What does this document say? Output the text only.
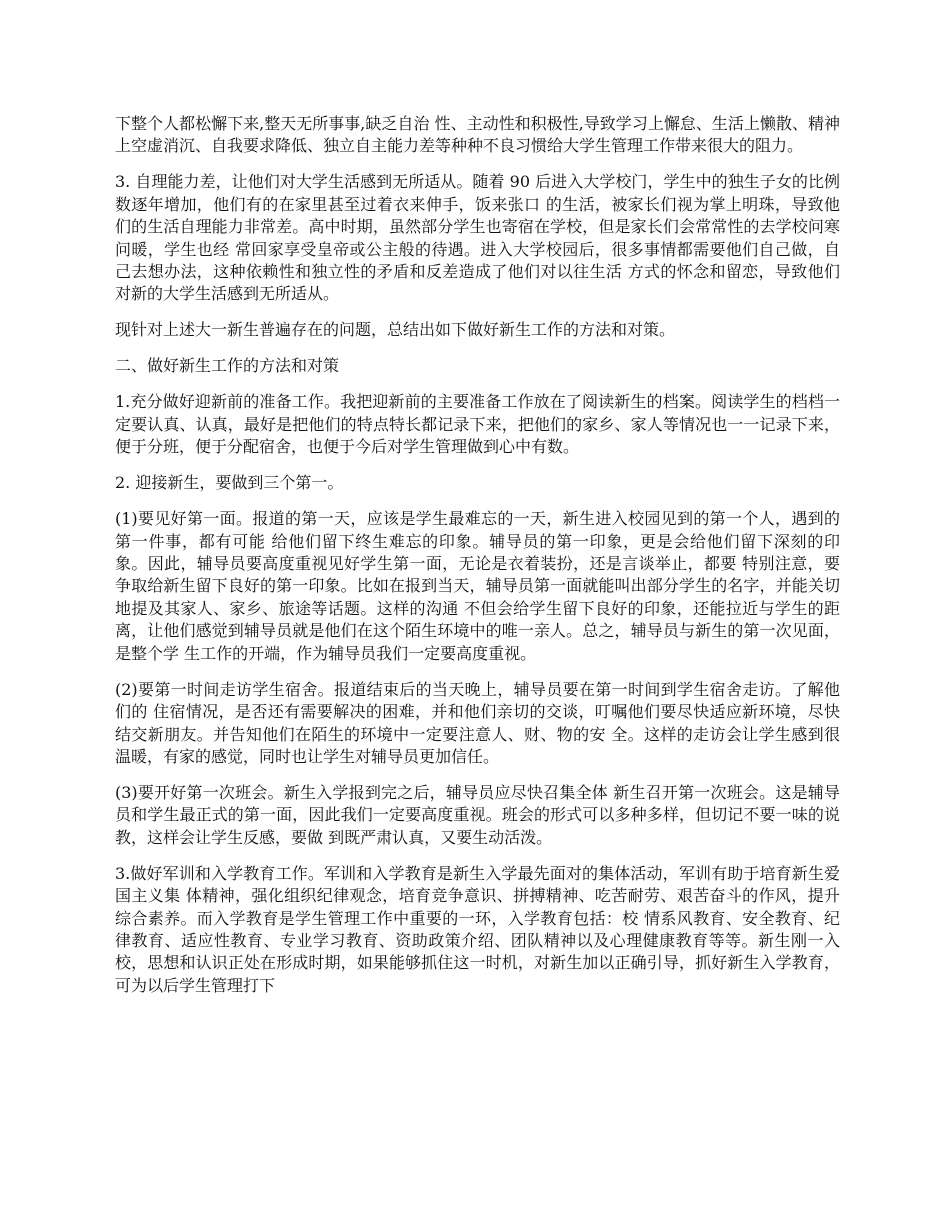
下整个人都松懈下来,整天无所事事,缺乏自治 性、主动性和积极性,导致学习上懈怠、生活上懒散、精神上空虚消沉、自我要求降低、独立自主能力差等种种不良习惯给大学生管理工作带来很大的阻力。

3. 自理能力差，让他们对大学生活感到无所适从。随着 90 后进入大学校门，学生中的独生子女的比例数逐年增加，他们有的在家里甚至过着衣来伸手，饭来张口 的生活，被家长们视为掌上明珠，导致他们的生活自理能力非常差。高中时期，虽然部分学生也寄宿在学校，但是家长们会常常性的去学校问寒问暖，学生也经 常回家享受皇帝或公主般的待遇。进入大学校园后，很多事情都需要他们自己做，自己去想办法，这种依赖性和独立性的矛盾和反差造成了他们对以往生活 方式的怀念和留恋，导致他们对新的大学生活感到无所适从。

现针对上述大一新生普遍存在的问题，总结出如下做好新生工作的方法和对策。

二、做好新生工作的方法和对策

1.充分做好迎新前的准备工作。我把迎新前的主要准备工作放在了阅读新生的档案。阅读学生的档档一定要认真、认真，最好是把他们的特点特长都记录下来，把他们的家乡、家人等情况也一一记录下来，便于分班，便于分配宿舍，也便于今后对学生管理做到心中有数。

2. 迎接新生，要做到三个第一。

(1)要见好第一面。报道的第一天，应该是学生最难忘的一天，新生进入校园见到的第一个人，遇到的第一件事，都有可能 给他们留下终生难忘的印象。辅导员的第一印象，更是会给他们留下深刻的印象。因此，辅导员要高度重视见好学生第一面，无论是衣着装扮，还是言谈举止，都要 特别注意，要争取给新生留下良好的第一印象。比如在报到当天，辅导员第一面就能叫出部分学生的名字，并能关切地提及其家人、家乡、旅途等话题。这样的沟通 不但会给学生留下良好的印象，还能拉近与学生的距离，让他们感觉到辅导员就是他们在这个陌生环境中的唯一亲人。总之，辅导员与新生的第一次见面，是整个学 生工作的开端，作为辅导员我们一定要高度重视。

(2)要第一时间走访学生宿舍。报道结束后的当天晚上，辅导员要在第一时间到学生宿舍走访。了解他们的 住宿情况，是否还有需要解决的困难，并和他们亲切的交谈，叮嘱他们要尽快适应新环境，尽快结交新朋友。并告知他们在陌生的环境中一定要注意人、财、物的安 全。这样的走访会让学生感到很温暖，有家的感觉，同时也让学生对辅导员更加信任。

(3)要开好第一次班会。新生入学报到完之后，辅导员应尽快召集全体 新生召开第一次班会。这是辅导员和学生最正式的第一面，因此我们一定要高度重视。班会的形式可以多种多样，但切记不要一味的说教，这样会让学生反感，要做 到既严肃认真，又要生动活泼。

3.做好军训和入学教育工作。军训和入学教育是新生入学最先面对的集体活动，军训有助于培育新生爱国主义集 体精神，强化组织纪律观念，培育竞争意识、拼搏精神、吃苦耐劳、艰苦奋斗的作风，提升综合素养。而入学教育是学生管理工作中重要的一环，入学教育包括：校 情系风教育、安全教育、纪律教育、适应性教育、专业学习教育、资助政策介绍、团队精神以及心理健康教育等等。新生刚一入校，思想和认识正处在形成时期，如果能够抓住这一时机，对新生加以正确引导，抓好新生入学教育，可为以后学生管理打下
